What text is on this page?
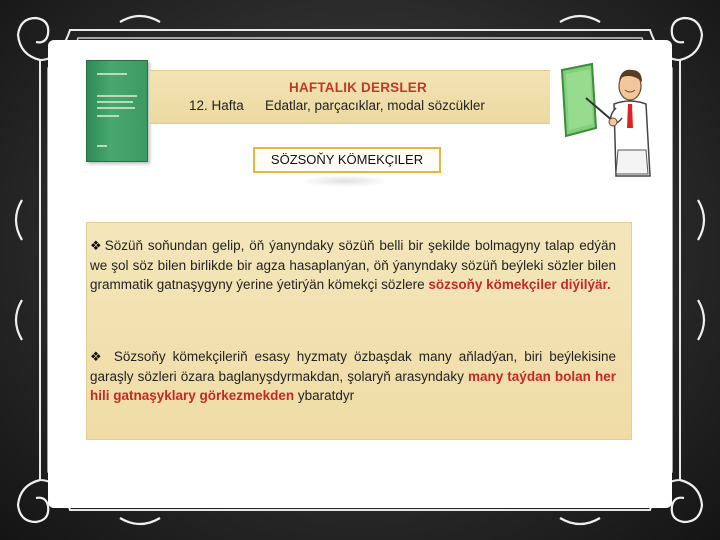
HAFTALIK DERSLER
12. Hafta Edatlar, parçacıklar, modal sözcükler
SÖZSOŇY KÖMEKÇILER

❖ Sözüň soňundan gelip, öň ýanyndaky sözüň belli bir şekilde bolmagyny talap edýän we şol söz bilen birlikde bir agza hasaplanýan, öň ýanyndaky sözüň beýleki sözler bilen grammatik gatnaşygyny ýerine ýetirýän kömekçi sözlere sözsoňy kömekçiler diýilýär.

❖ Sözsoňy kömekçileriň esasy hyzmaty özbaşdak many aňladýan, biri beýlekisine garaşly sözleri özara baglanyşdyrmakdan, şolaryň arasyndaky many taýdan bolan her hili gatnaşyklary görkezmekden ybaratdyr
